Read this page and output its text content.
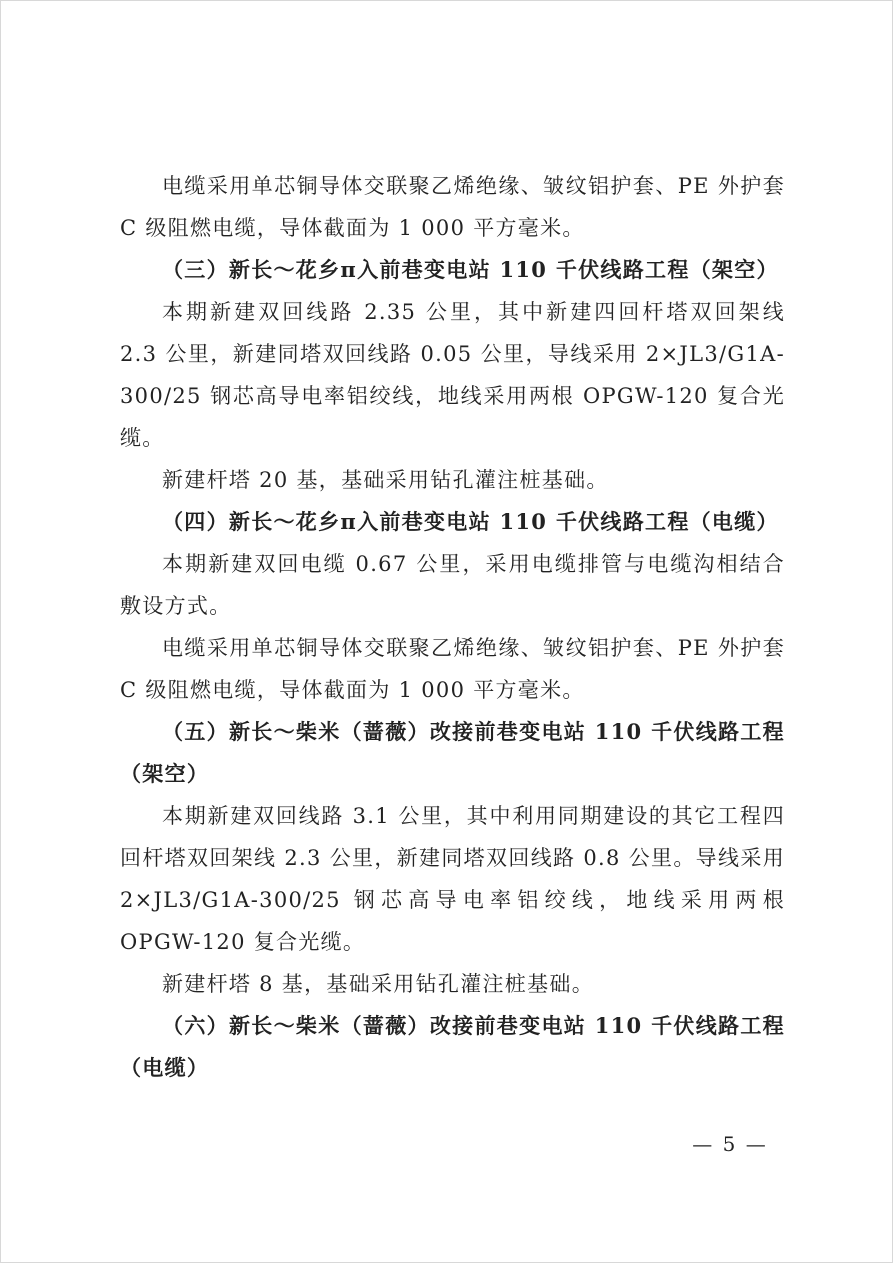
电缆采用单芯铜导体交联聚乙烯绝缘、皱纹铝护套、PE 外护套 C 级阻燃电缆，导体截面为 1 000 平方毫米。

（三）新长～花乡π入前巷变电站 110 千伏线路工程（架空）

本期新建双回线路 2.35 公里，其中新建四回杆塔双回架线 2.3 公里，新建同塔双回线路 0.05 公里，导线采用 2×JL3/G1A-300/25 钢芯高导电率铝绞线，地线采用两根 OPGW-120 复合光缆。

新建杆塔 20 基，基础采用钻孔灌注桩基础。

（四）新长～花乡π入前巷变电站 110 千伏线路工程（电缆）

本期新建双回电缆 0.67 公里，采用电缆排管与电缆沟相结合敷设方式。

电缆采用单芯铜导体交联聚乙烯绝缘、皱纹铝护套、PE 外护套 C 级阻燃电缆，导体截面为 1 000 平方毫米。

（五）新长～柴米（蔷薇）改接前巷变电站 110 千伏线路工程（架空）

本期新建双回线路 3.1 公里，其中利用同期建设的其它工程四回杆塔双回架线 2.3 公里，新建同塔双回线路 0.8 公里。导线采用 2×JL3/G1A-300/25 钢芯高导电率铝绞线，地线采用两根 OPGW-120 复合光缆。

新建杆塔 8 基，基础采用钻孔灌注桩基础。

（六）新长～柴米（蔷薇）改接前巷变电站 110 千伏线路工程（电缆）

— 5 —
